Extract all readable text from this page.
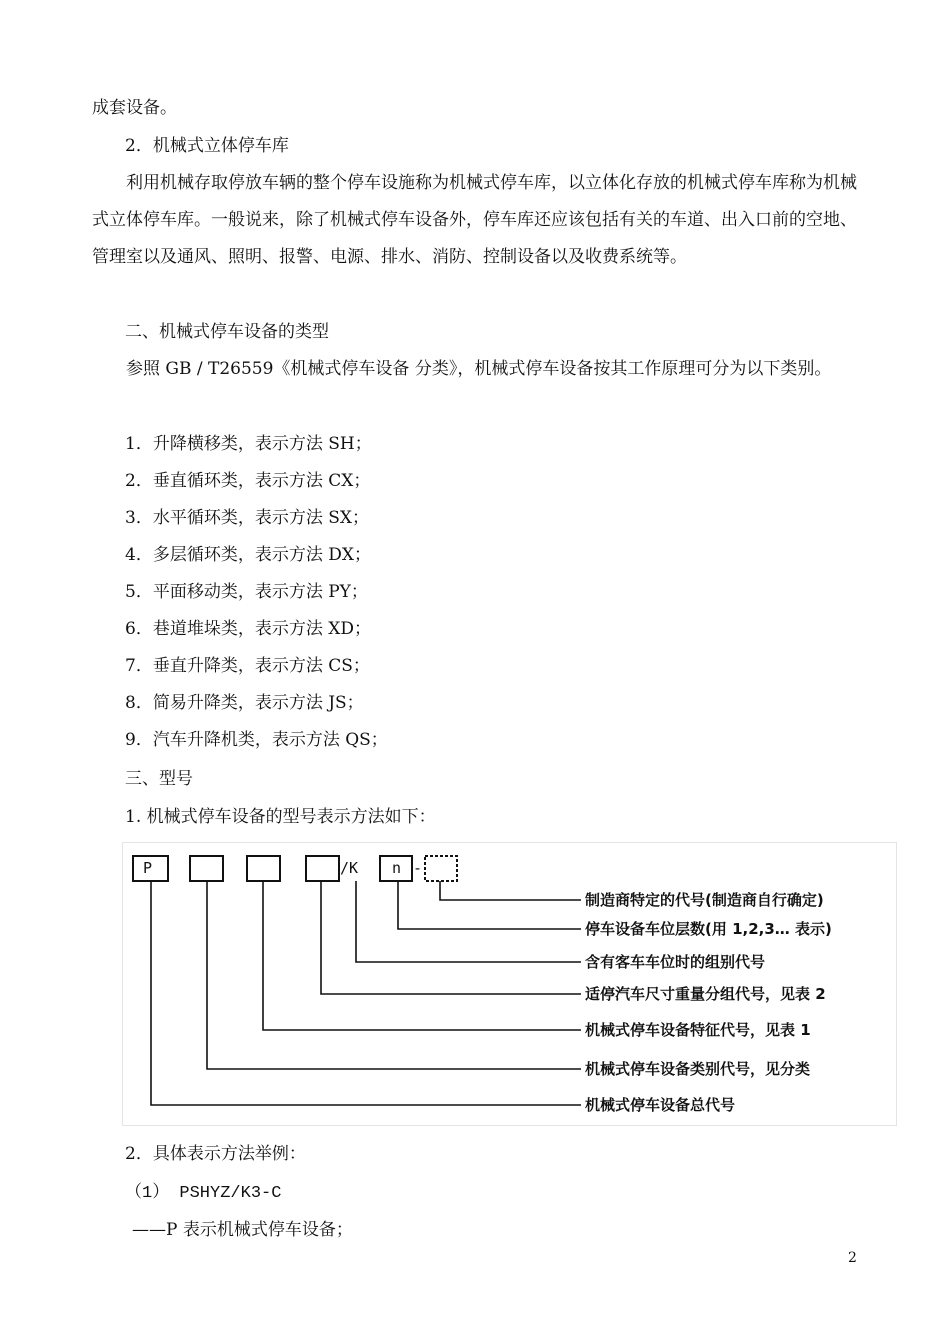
成套设备。
2．机械式立体停车库
利用机械存取停放车辆的整个停车设施称为机械式停车库，以立体化存放的机械式停车库称为机械式立体停车库。一般说来，除了机械式停车设备外，停车库还应该包括有关的车道、出入口前的空地、管理室以及通风、照明、报警、电源、排水、消防、控制设备以及收费系统等。
二、机械式停车设备的类型
参照 GB / T26559《机械式停车设备 分类》，机械式停车设备按其工作原理可分为以下类别。
1．升降横移类，表示方法 SH；
2．垂直循环类，表示方法 CX；
3．水平循环类，表示方法 SX；
4．多层循环类，表示方法 DX；
5．平面移动类，表示方法 PY；
6．巷道堆垛类，表示方法 XD；
7．垂直升降类，表示方法 CS；
8．简易升降类，表示方法 JS；
9．汽车升降机类，表示方法 QS；
三、型号
1. 机械式停车设备的型号表示方法如下：
P	/K n -
制造商特定的代号(制造商自行确定)
停车设备车位层数(用 1,2,3… 表示)
含有客车车位时的组别代号
适停汽车尺寸重量分组代号，见表 2
机械式停车设备特征代号，见表 1
机械式停车设备类别代号，见分类
机械式停车设备总代号
2．具体表示方法举例：
（1） PSHYZ/K3-C
——P 表示机械式停车设备；
2
